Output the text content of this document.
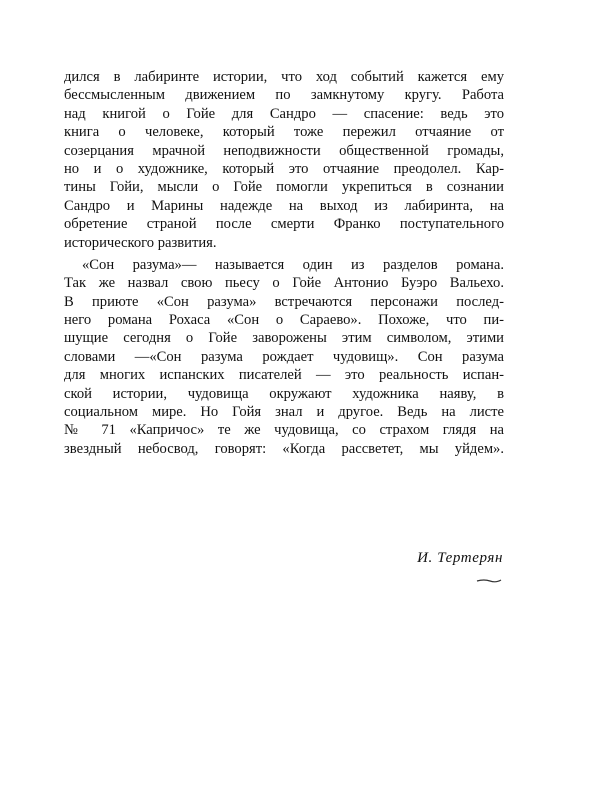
дился в лабиринте истории, что ход событий кажется ему
бессмысленным движением по замкнутому кругу. Работа
над книгой о Гойе для Сандро — спасение: ведь это
книга о человеке, который тоже пережил отчаяние от
созерцания мрачной неподвижности общественной громады,
но и о художнике, который это отчаяние преодолел. Кар-
тины Гойи, мысли о Гойе помогли укрепиться в сознании
Сандро и Марины надежде на выход из лабиринта, на
обретение страной после смерти Франко поступательного
исторического развития.
«Сон разума»— называется один из разделов романа.
Так же назвал свою пьесу о Гойе Антонио Буэро Вальехо.
В приюте «Сон разума» встречаются персонажи послед-
него романа Рохаса «Сон о Сараево». Похоже, что пи-
шущие сегодня о Гойе заворожены этим символом, этими
словами —«Сон разума рождает чудовищ». Сон разума
для многих испанских писателей — это реальность испан-
ской истории, чудовища окружают художника наяву, в
социальном мире. Но Гойя знал и другое. Ведь на листе
№ 71 «Капричос» те же чудовища, со страхом глядя на
звездный небосвод, говорят: «Когда рассветет, мы уйдем».
И. Тертерян
